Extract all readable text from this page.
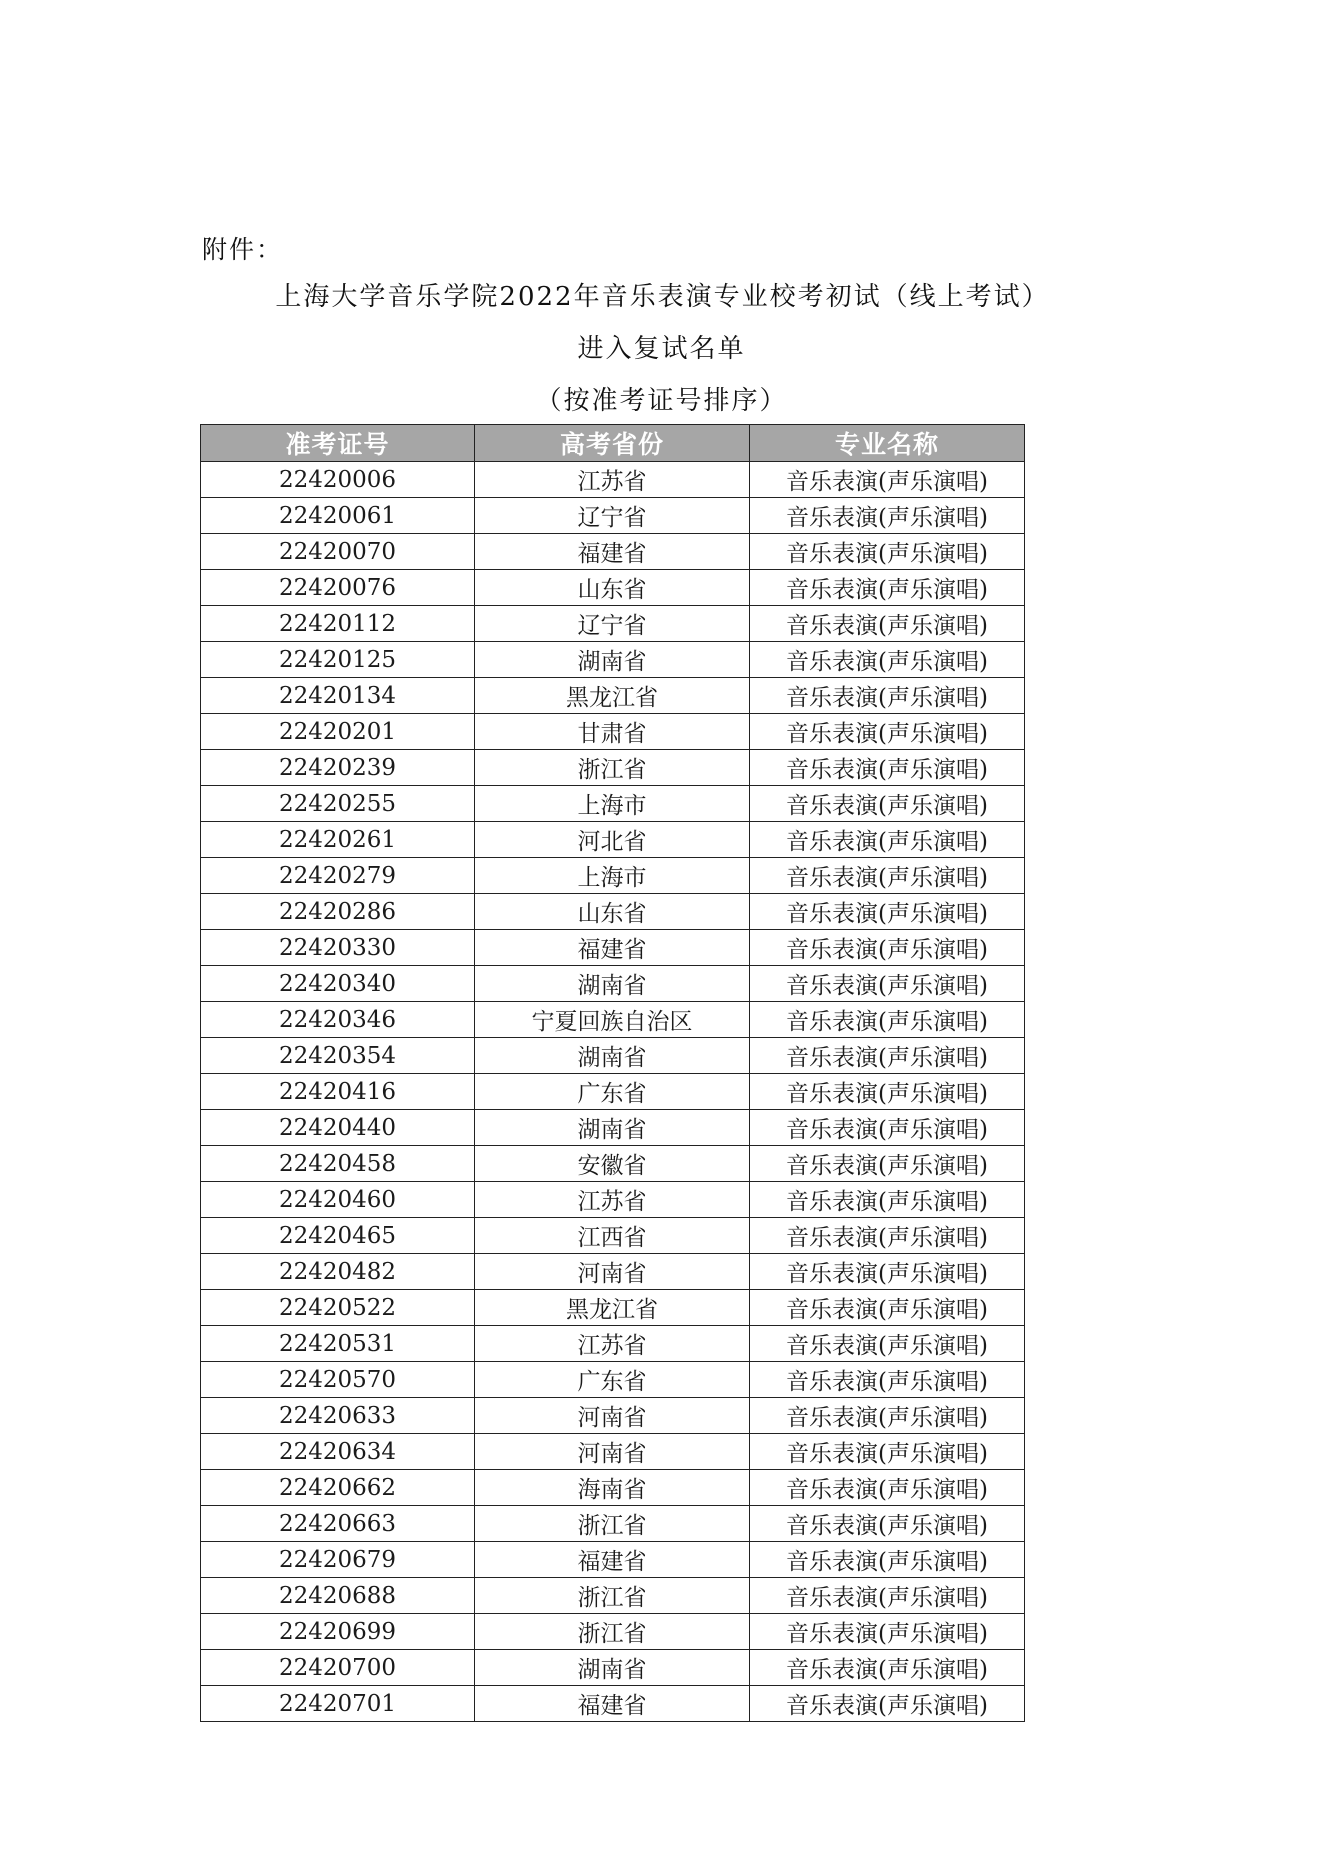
附件：
上海大学音乐学院2022年音乐表演专业校考初试（线上考试）
进入复试名单
（按准考证号排序）
准考证号	高考省份	专业名称
22420006	江苏省	音乐表演(声乐演唱)
22420061	辽宁省	音乐表演(声乐演唱)
22420070	福建省	音乐表演(声乐演唱)
22420076	山东省	音乐表演(声乐演唱)
22420112	辽宁省	音乐表演(声乐演唱)
22420125	湖南省	音乐表演(声乐演唱)
22420134	黑龙江省	音乐表演(声乐演唱)
22420201	甘肃省	音乐表演(声乐演唱)
22420239	浙江省	音乐表演(声乐演唱)
22420255	上海市	音乐表演(声乐演唱)
22420261	河北省	音乐表演(声乐演唱)
22420279	上海市	音乐表演(声乐演唱)
22420286	山东省	音乐表演(声乐演唱)
22420330	福建省	音乐表演(声乐演唱)
22420340	湖南省	音乐表演(声乐演唱)
22420346	宁夏回族自治区	音乐表演(声乐演唱)
22420354	湖南省	音乐表演(声乐演唱)
22420416	广东省	音乐表演(声乐演唱)
22420440	湖南省	音乐表演(声乐演唱)
22420458	安徽省	音乐表演(声乐演唱)
22420460	江苏省	音乐表演(声乐演唱)
22420465	江西省	音乐表演(声乐演唱)
22420482	河南省	音乐表演(声乐演唱)
22420522	黑龙江省	音乐表演(声乐演唱)
22420531	江苏省	音乐表演(声乐演唱)
22420570	广东省	音乐表演(声乐演唱)
22420633	河南省	音乐表演(声乐演唱)
22420634	河南省	音乐表演(声乐演唱)
22420662	海南省	音乐表演(声乐演唱)
22420663	浙江省	音乐表演(声乐演唱)
22420679	福建省	音乐表演(声乐演唱)
22420688	浙江省	音乐表演(声乐演唱)
22420699	浙江省	音乐表演(声乐演唱)
22420700	湖南省	音乐表演(声乐演唱)
22420701	福建省	音乐表演(声乐演唱)
